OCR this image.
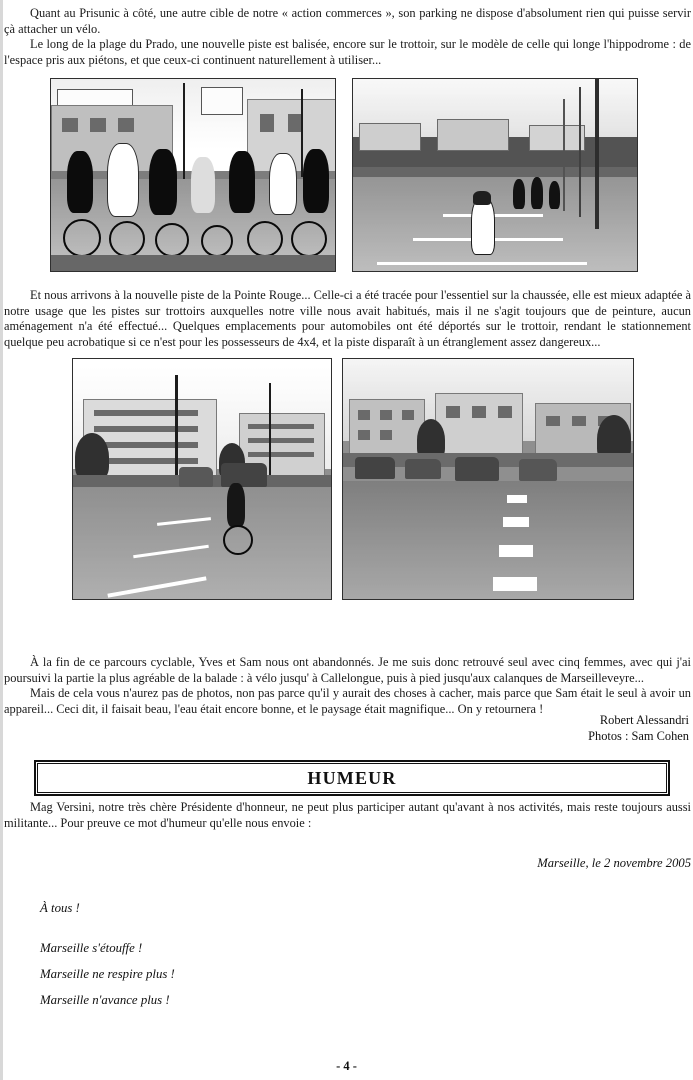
Quant au Prisunic à côté, une autre cible de notre « action commerces », son parking ne dispose d'absolument rien qui puisse servir çà attacher un vélo.

Le long de la plage du Prado, une nouvelle piste est balisée, encore sur le trottoir, sur le modèle de celle qui longe l'hippodrome : de l'espace pris aux piétons, et que ceux-ci continuent naturellement à utiliser...

Et nous arrivons à la nouvelle piste de la Pointe Rouge... Celle-ci a été tracée pour l'essentiel sur la chaussée, elle est mieux adaptée à notre usage que les pistes sur trottoirs auxquelles notre ville nous avait habitués, mais il ne s'agit toujours que de peinture, aucun aménagement n'a été effectué... Quelques emplacements pour automobiles ont été déportés sur le trottoir, rendant le stationnement quelque peu acrobatique si ce n'est pour les possesseurs de 4x4, et la piste disparaît à un étranglement assez dangereux...

À la fin de ce parcours cyclable, Yves et Sam nous ont abandonnés. Je me suis donc retrouvé seul avec cinq femmes, avec qui j'ai poursuivi la partie la plus agréable de la balade : à vélo jusqu' à Callelongue, puis à pied jusqu'aux calanques de Marseilleveyre...

Mais de cela vous n'aurez pas de photos, non pas parce qu'il y aurait des choses à cacher, mais parce que Sam était le seul à avoir un appareil... Ceci dit, il faisait beau, l'eau était encore bonne, et le paysage était magnifique... On y retournera !

Robert Alessandri
Photos : Sam Cohen
HUMEUR

Mag Versini, notre très chère Présidente d'honneur, ne peut plus participer autant qu'avant à nos activités, mais reste toujours aussi militante... Pour preuve ce mot d'humeur qu'elle nous envoie :

Marseille, le 2 novembre 2005
À tous !
Marseille s'étouffe !
Marseille ne respire plus !
Marseille n'avance plus !
- 4 -
